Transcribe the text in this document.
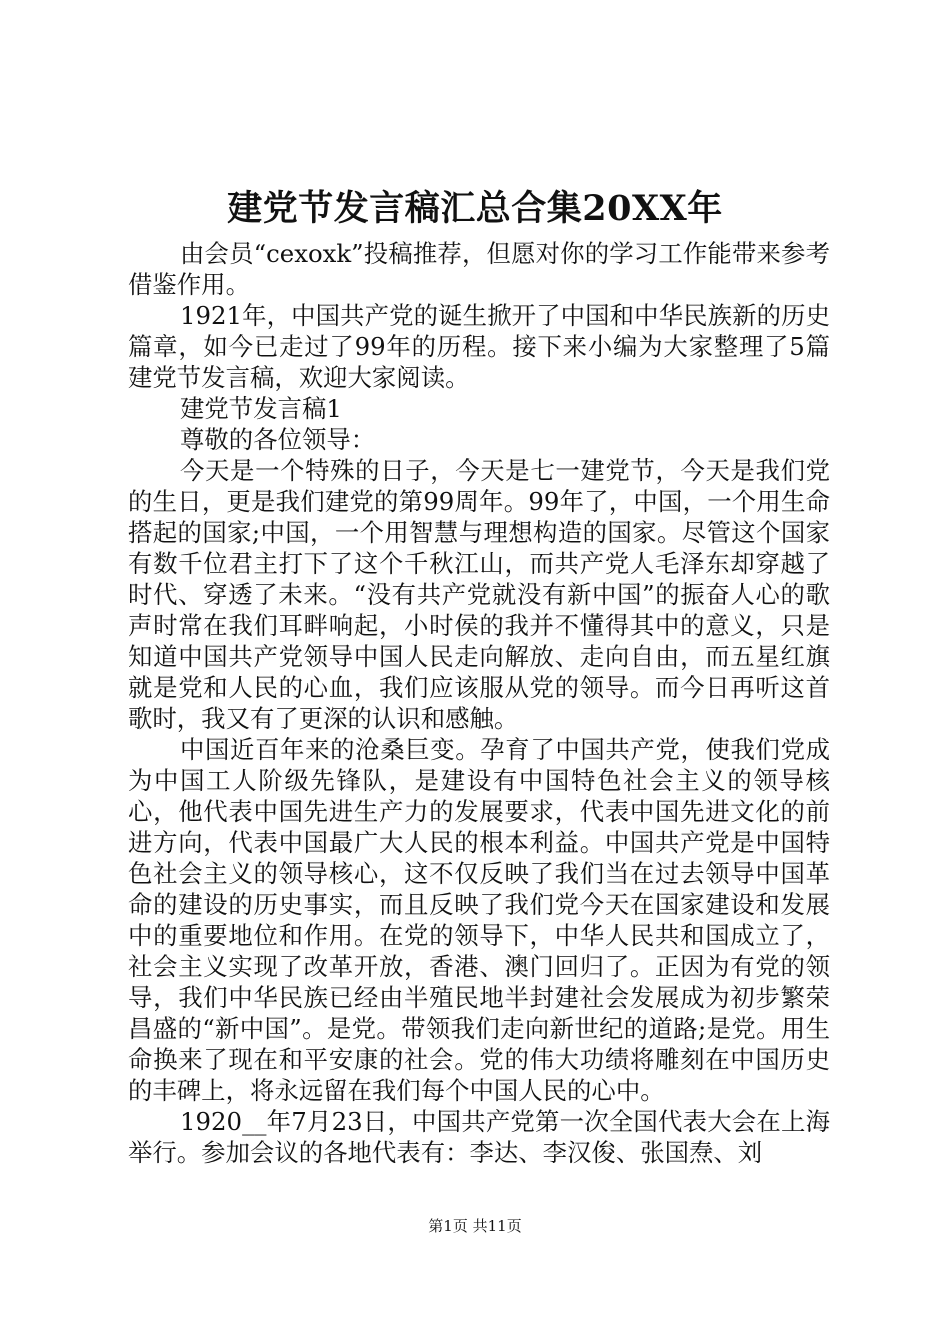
建党节发言稿汇总合集20XX年

由会员“cexoxk”投稿推荐，但愿对你的学习工作能带来参考借鉴作用。

1921年，中国共产党的诞生掀开了中国和中华民族新的历史篇章，如今已走过了99年的历程。接下来小编为大家整理了5篇建党节发言稿，欢迎大家阅读。

建党节发言稿1

尊敬的各位领导：

今天是一个特殊的日子，今天是七一建党节，今天是我们党的生日，更是我们建党的第99周年。99年了，中国，一个用生命搭起的国家;中国，一个用智慧与理想构造的国家。尽管这个国家有数千位君主打下了这个千秋江山，而共产党人毛泽东却穿越了时代、穿透了未来。“没有共产党就没有新中国”的振奋人心的歌声时常在我们耳畔响起，小时侯的我并不懂得其中的意义，只是知道中国共产党领导中国人民走向解放、走向自由，而五星红旗就是党和人民的心血，我们应该服从党的领导。而今日再听这首歌时，我又有了更深的认识和感触。

中国近百年来的沧桑巨变。孕育了中国共产党，使我们党成为中国工人阶级先锋队，是建设有中国特色社会主义的领导核心，他代表中国先进生产力的发展要求，代表中国先进文化的前进方向，代表中国最广大人民的根本利益。中国共产党是中国特色社会主义的领导核心，这不仅反映了我们当在过去领导中国革命的建设的历史事实，而且反映了我们党今天在国家建设和发展中的重要地位和作用。在党的领导下，中华人民共和国成立了，社会主义实现了改革开放，香港、澳门回归了。正因为有党的领导，我们中华民族已经由半殖民地半封建社会发展成为初步繁荣昌盛的“新中国”。是党。带领我们走向新世纪的道路;是党。用生命换来了现在和平安康的社会。党的伟大功绩将雕刻在中国历史的丰碑上，将永远留在我们每个中国人民的心中。

1920__年7月23日，中国共产党第一次全国代表大会在上海举行。参加会议的各地代表有：李达、李汉俊、张国焘、刘

第1页 共11页
